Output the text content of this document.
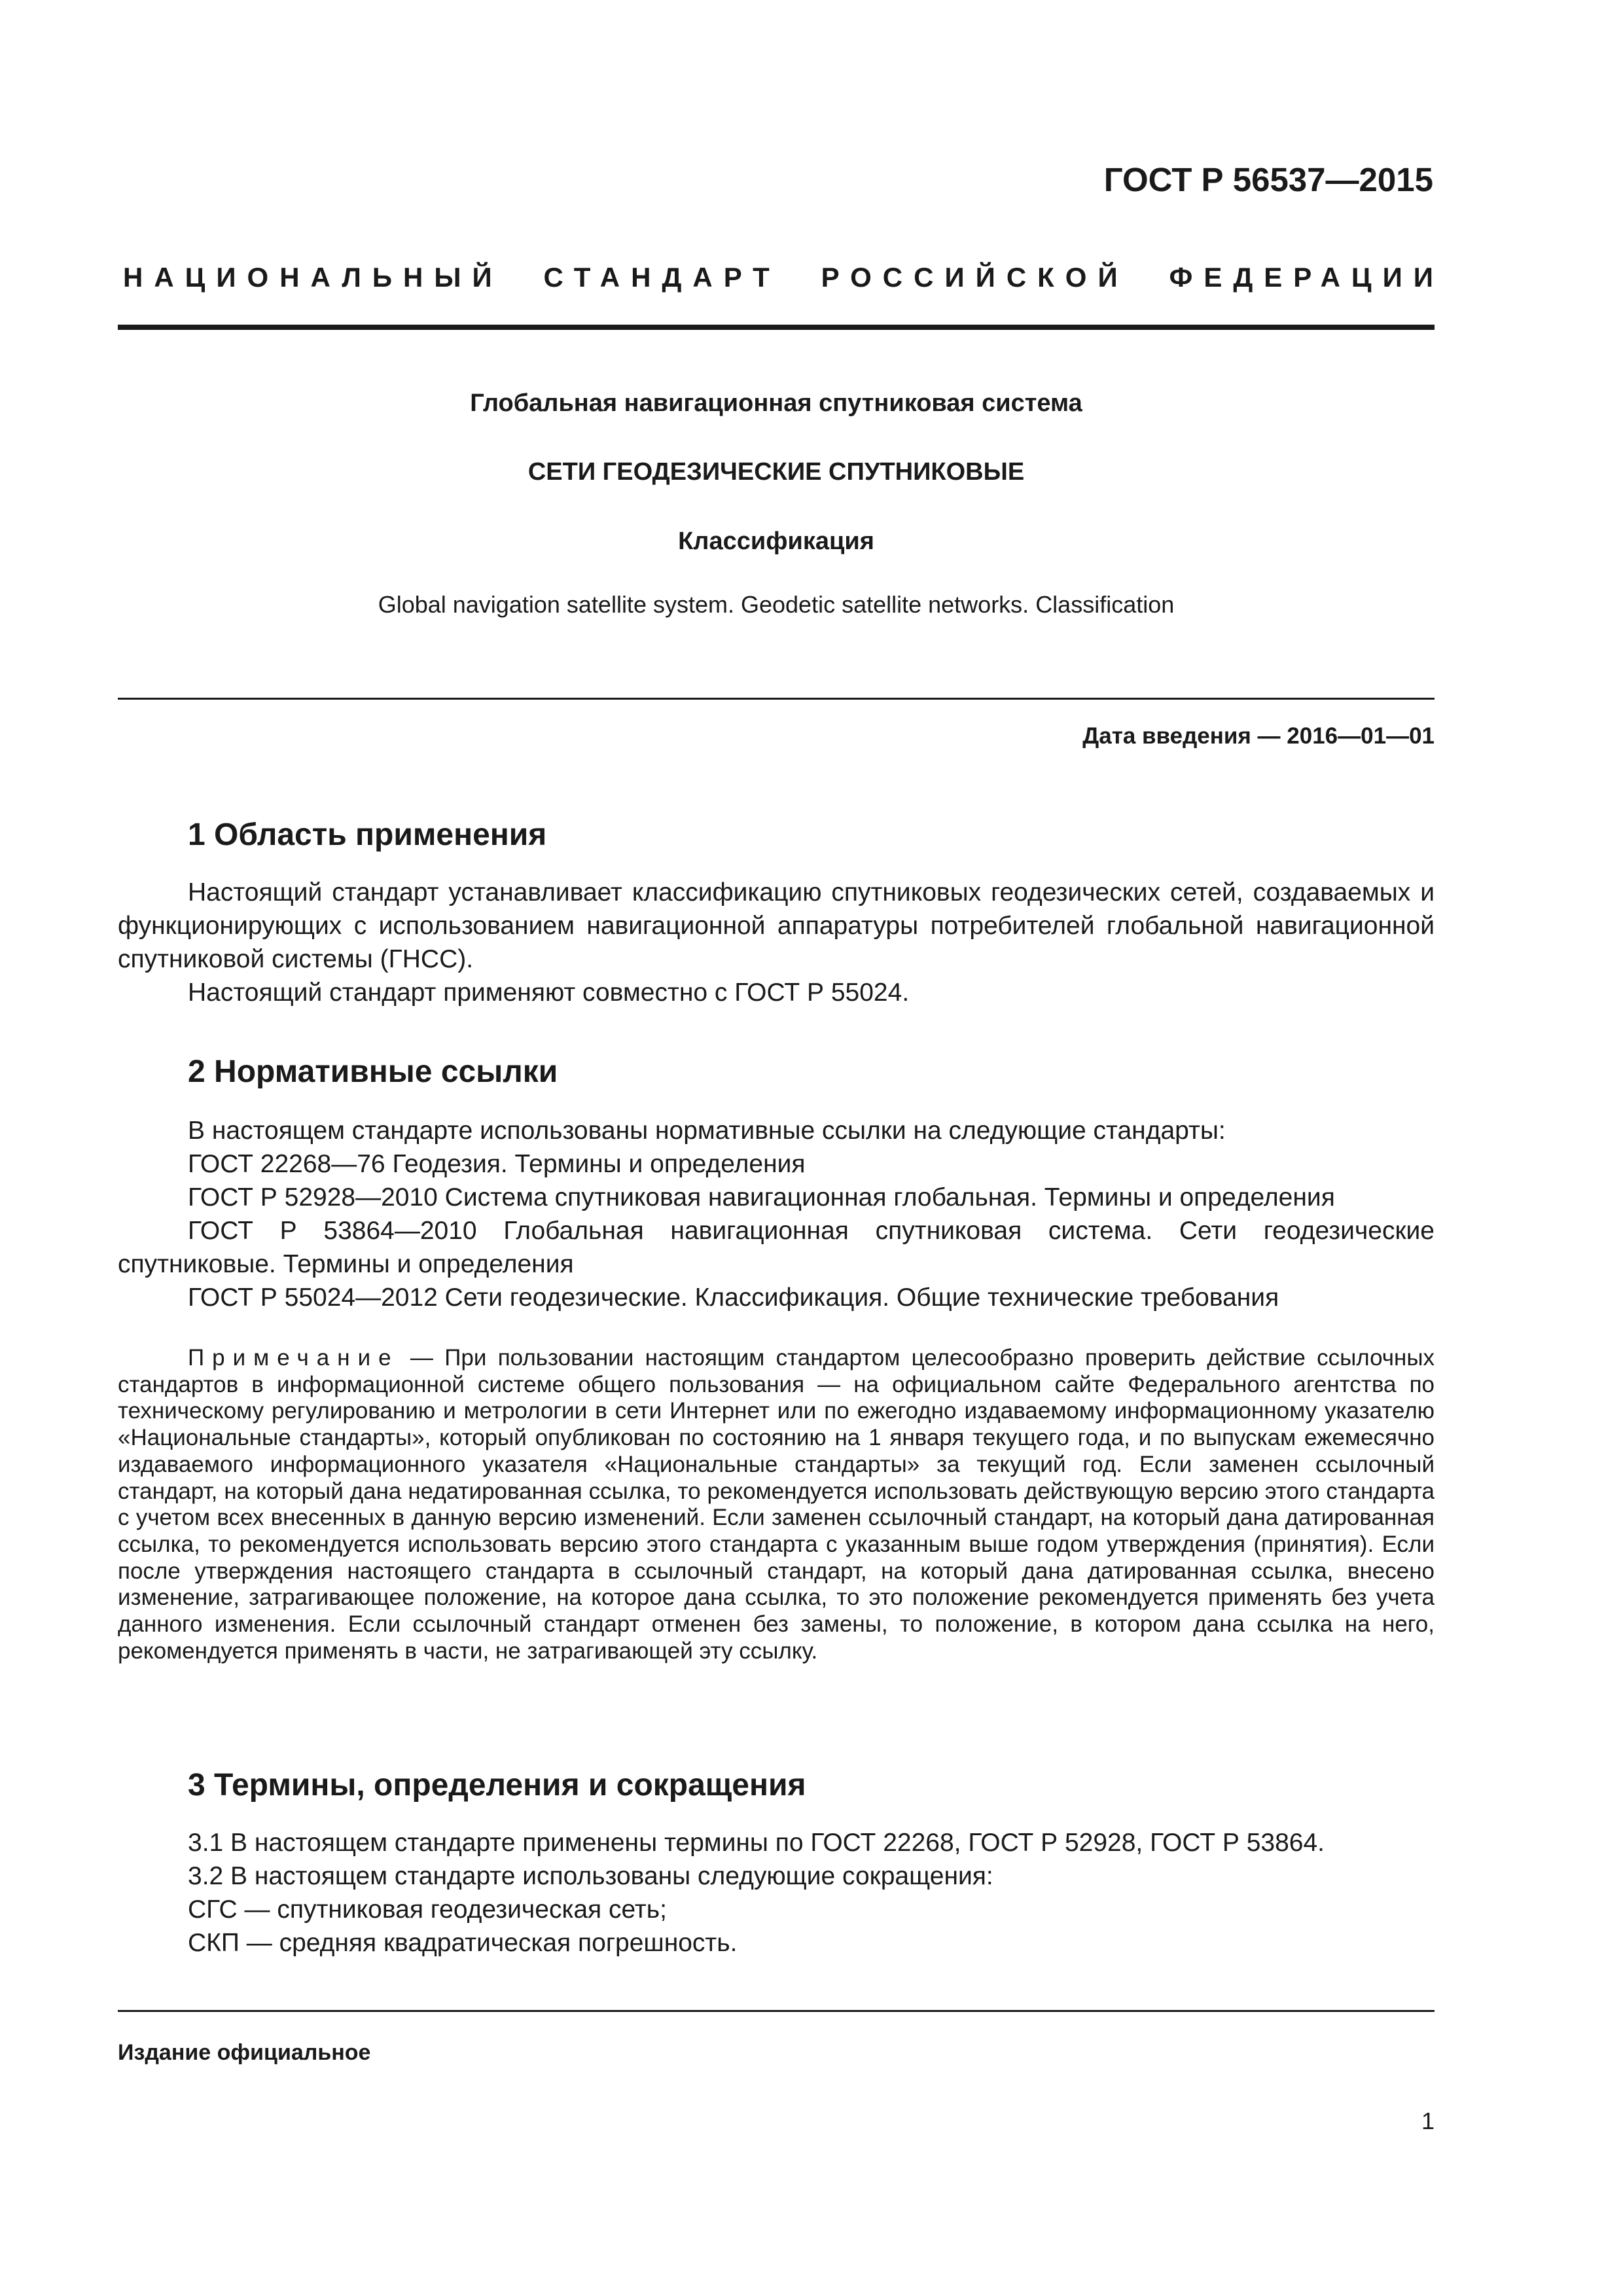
ГОСТ Р 56537—2015
НАЦИОНАЛЬНЫЙ СТАНДАРТ РОССИЙСКОЙ ФЕДЕРАЦИИ
Глобальная навигационная спутниковая система
СЕТИ ГЕОДЕЗИЧЕСКИЕ СПУТНИКОВЫЕ
Классификация
Global navigation satellite system. Geodetic satellite networks. Classification
Дата введения — 2016—01—01
1 Область применения

Настоящий стандарт устанавливает классификацию спутниковых геодезических сетей, создаваемых и функционирующих с использованием навигационной аппаратуры потребителей глобальной навигационной спутниковой системы (ГНСС).

Настоящий стандарт применяют совместно с ГОСТ Р 55024.

2 Нормативные ссылки

В настоящем стандарте использованы нормативные ссылки на следующие стандарты:

ГОСТ 22268—76 Геодезия. Термины и определения

ГОСТ Р 52928—2010 Система спутниковая навигационная глобальная. Термины и определения

ГОСТ Р 53864—2010 Глобальная навигационная спутниковая система. Сети геодезические спутниковые. Термины и определения

ГОСТ Р 55024—2012 Сети геодезические. Классификация. Общие технические требования

Примечание — При пользовании настоящим стандартом целесообразно проверить действие ссылочных стандартов в информационной системе общего пользования — на официальном сайте Федерального агентства по техническому регулированию и метрологии в сети Интернет или по ежегодно издаваемому информационному указателю «Национальные стандарты», который опубликован по состоянию на 1 января текущего года, и по выпускам ежемесячно издаваемого информационного указателя «Национальные стандарты» за текущий год. Если заменен ссылочный стандарт, на который дана недатированная ссылка, то рекомендуется использовать действующую версию этого стандарта с учетом всех внесенных в данную версию изменений. Если заменен ссылочный стандарт, на который дана датированная ссылка, то рекомендуется использовать версию этого стандарта с указанным выше годом утверждения (принятия). Если после утверждения настоящего стандарта в ссылочный стандарт, на который дана датированная ссылка, внесено изменение, затрагивающее положение, на которое дана ссылка, то это положение рекомендуется применять без учета данного изменения. Если ссылочный стандарт отменен без замены, то положение, в котором дана ссылка на него, рекомендуется применять в части, не затрагивающей эту ссылку.

3 Термины, определения и сокращения

3.1 В настоящем стандарте применены термины по ГОСТ 22268, ГОСТ Р 52928, ГОСТ Р 53864.

3.2 В настоящем стандарте использованы следующие сокращения:

СГС — спутниковая геодезическая сеть;

СКП — средняя квадратическая погрешность.

Издание официальное
1
